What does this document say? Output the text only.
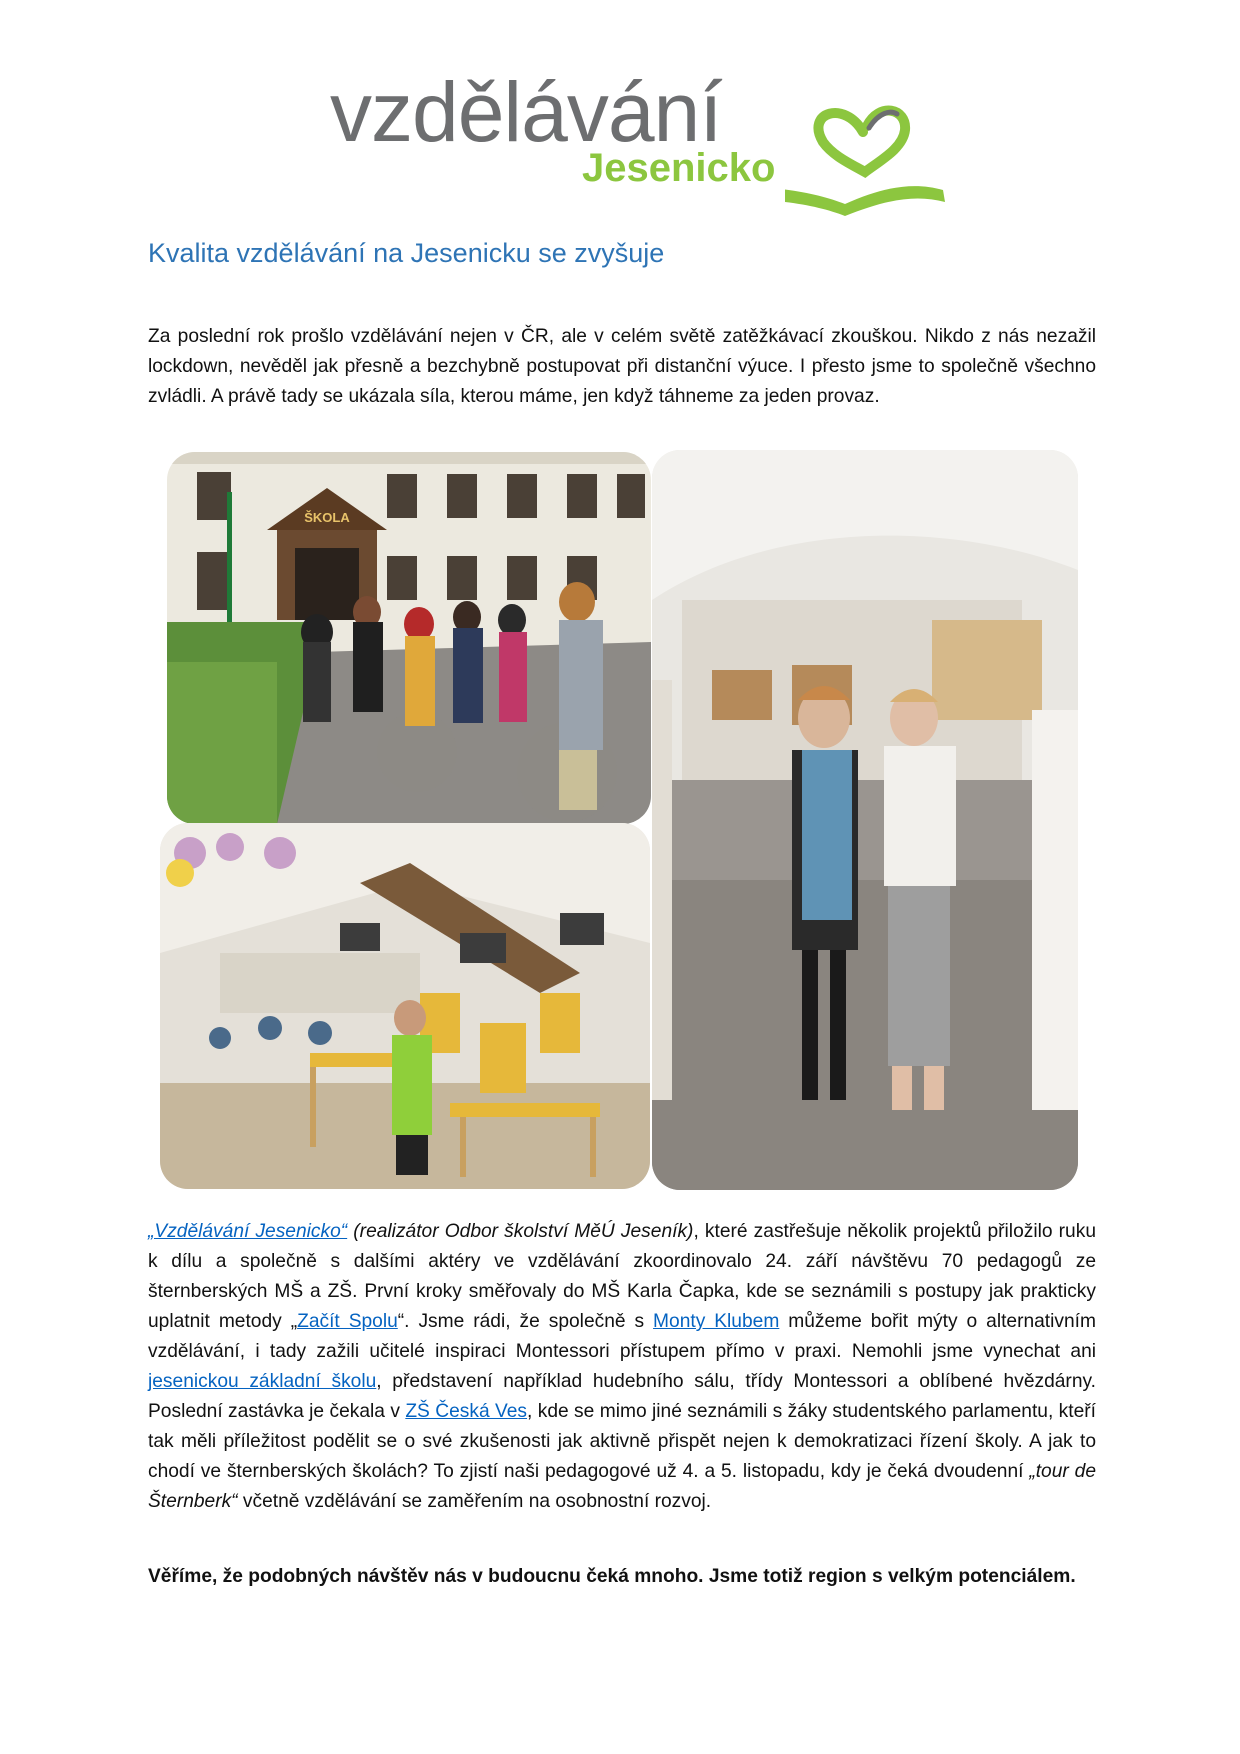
vzdělávání
Jesenicko
Kvalita vzdělávání na Jesenicku se zvyšuje

Za poslední rok prošlo vzdělávání nejen v ČR, ale v celém světě zatěžkávací zkouškou. Nikdo z nás nezažil lockdown, nevěděl jak přesně a bezchybně postupovat při distanční výuce. I přesto jsme to společně všechno zvládli. A právě tady se ukázala síla, kterou máme, jen když táhneme za jeden provaz.

ŠKOLA

„Vzdělávání Jesenicko“ (realizátor Odbor školství MěÚ Jeseník), které zastřešuje několik projektů přiložilo ruku k dílu a společně s dalšími aktéry ve vzdělávání zkoordinovalo 24. září návštěvu 70 pedagogů ze šternberských MŠ a ZŠ. První kroky směřovaly do MŠ Karla Čapka, kde se seznámili s postupy jak prakticky uplatnit metody „Začít Spolu“. Jsme rádi, že společně s Monty Klubem můžeme bořit mýty o alternativním vzdělávání, i tady zažili učitelé inspiraci Montessori přístupem přímo v praxi. Nemohli jsme vynechat ani jesenickou základní školu, představení například hudebního sálu, třídy Montessori a oblíbené hvězdárny. Poslední zastávka je čekala v ZŠ Česká Ves, kde se mimo jiné seznámili s žáky studentského parlamentu, kteří tak měli příležitost podělit se o své zkušenosti jak aktivně přispět nejen k demokratizaci řízení školy. A jak to chodí ve šternberských školách? To zjistí naši pedagogové už 4. a 5. listopadu, kdy je čeká dvoudenní „tour de Šternberk“ včetně vzdělávání se zaměřením na osobnostní rozvoj.

Věříme, že podobných návštěv nás v budoucnu čeká mnoho. Jsme totiž region s velkým potenciálem.
